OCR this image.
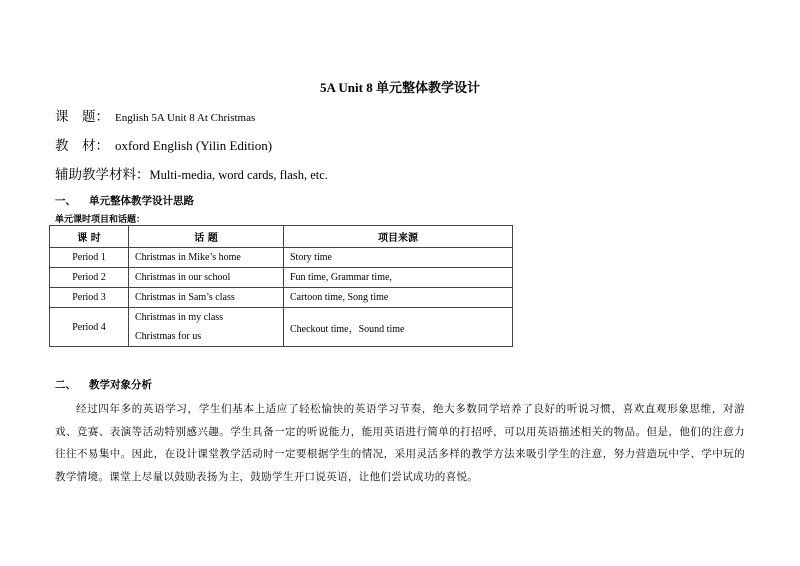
5A Unit 8 单元整体教学设计
课　题： English 5A Unit 8 At Christmas
教　材： oxford English (Yilin Edition)
辅助教学材料：Multi-media, word cards, flash, etc.
一、 单元整体教学设计思路
单元课时项目和话题：
课 时	话 题	项目来源
Period 1	Christmas in Mike’s home	Story time
Period 2	Christmas in our school	Fun time, Grammar time,
Period 3	Christmas in Sam’s class	Cartoon time, Song time
Period 4	Christmas in my class
Christmas for us	Checkout time，Sound time
二、 教学对象分析
经过四年多的英语学习，学生们基本上适应了轻松愉快的英语学习节奏，绝大多数同学培养了良好的听说习惯，喜欢直观形象思维，对游戏、竞赛、表演等活动特别感兴趣。学生具备一定的听说能力，能用英语进行简单的打招呼，可以用英语描述相关的物品。但是，他们的注意力往往不易集中。因此，在设计课堂教学活动时一定要根据学生的情况，采用灵活多样的教学方法来吸引学生的注意，努力营造玩中学、学中玩的教学情境。课堂上尽量以鼓励表扬为主，鼓励学生开口说英语，让他们尝试成功的喜悦。
